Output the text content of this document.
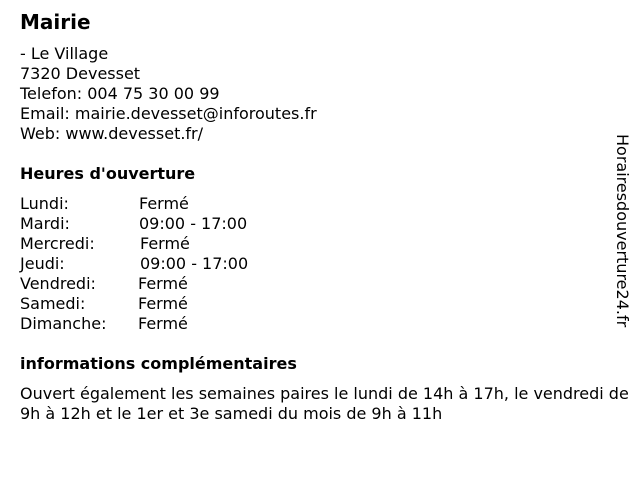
Mairie
- Le Village
7320 Devesset
Telefon: 004 75 30 00 99
Email: mairie.devesset@inforoutes.fr
Web: www.devesset.fr/
Heures d'ouverture
Lundi:	Fermé
Mardi:	09:00 - 17:00
Mercredi:	Fermé
Jeudi:	09:00 - 17:00
Vendredi:	Fermé
Samedi:	Fermé
Dimanche: Fermé
informations complémentaires
Ouvert également les semaines paires le lundi de 14h à 17h, le vendredi de 9h à 12h et le 1er et 3e samedi du mois de 9h à 11h
Horairesdouverture24.fr
